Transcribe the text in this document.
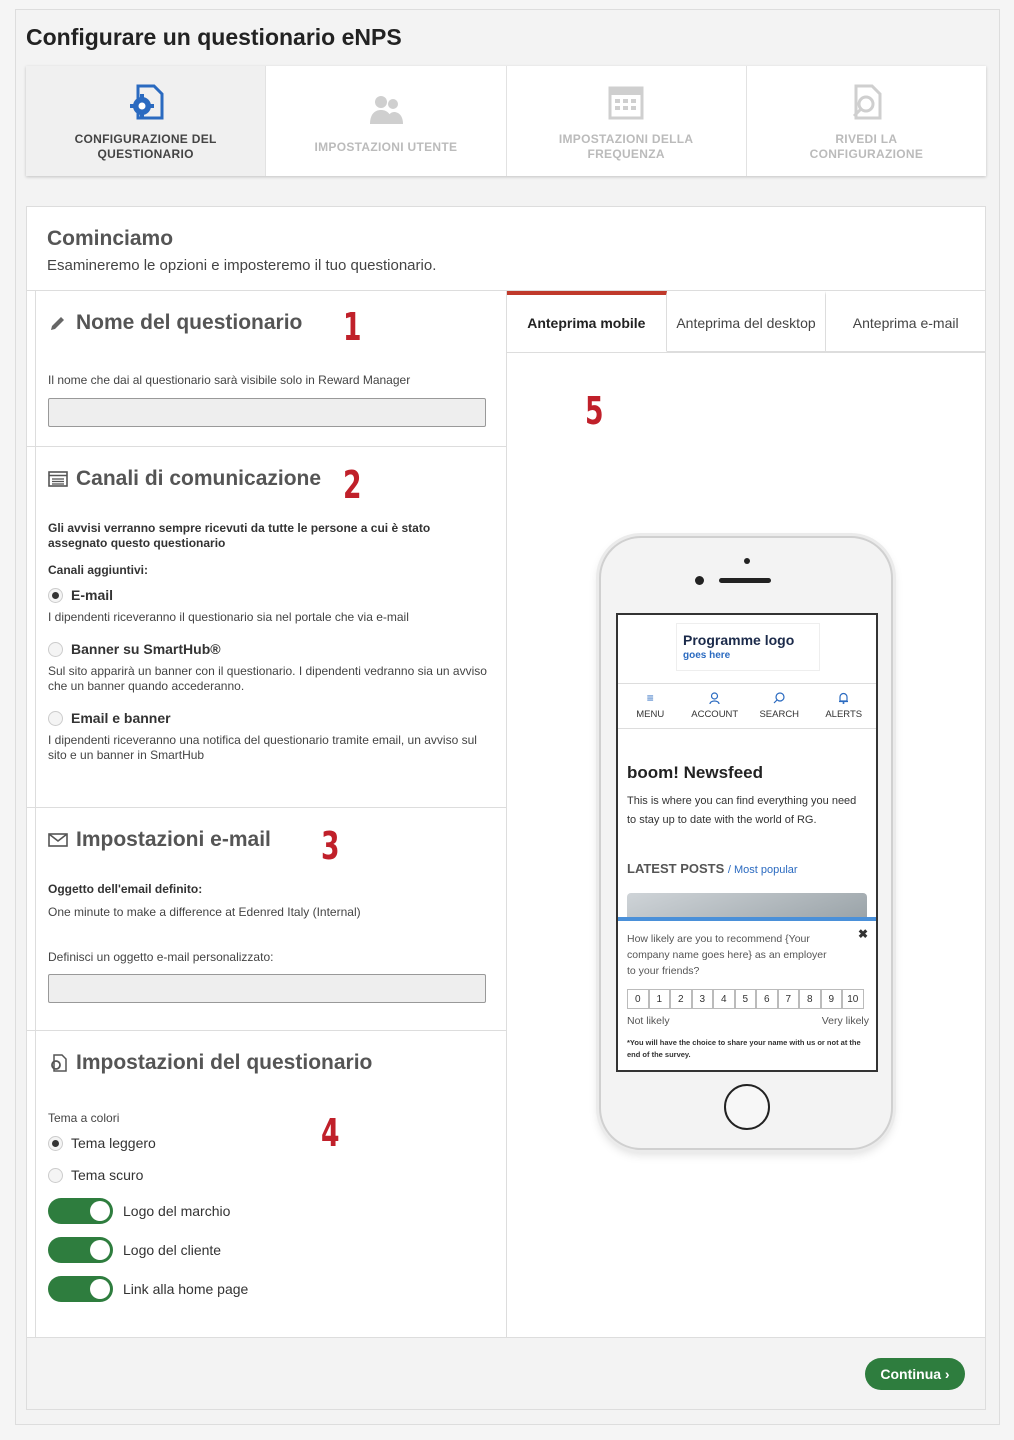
Configurare un questionario eNPS
CONFIGURAZIONE DEL QUESTIONARIO
IMPOSTAZIONI UTENTE
IMPOSTAZIONI DELLA FREQUENZA
RIVEDI LA CONFIGURAZIONE
Cominciamo
Esamineremo le opzioni e imposteremo il tuo questionario.
Nome del questionario 1
Il nome che dai al questionario sarà visibile solo in Reward Manager
Canali di comunicazione 2
Gli avvisi verranno sempre ricevuti da tutte le persone a cui è stato assegnato questo questionario
Canali aggiuntivi:
E-mail
I dipendenti riceveranno il questionario sia nel portale che via e-mail
Banner su SmartHub®
Sul sito apparirà un banner con il questionario. I dipendenti vedranno sia un avviso che un banner quando accederanno.
Email e banner
I dipendenti riceveranno una notifica del questionario tramite email, un avviso sul sito e un banner in SmartHub
Impostazioni e-mail 3
Oggetto dell'email definito:
One minute to make a difference at Edenred Italy (Internal)
Definisci un oggetto e-mail personalizzato:
Impostazioni del questionario
4
Tema a colori
Tema leggero
Tema scuro
Logo del marchio
Logo del cliente
Link alla home page
Anteprima mobile	Anteprima del desktop	Anteprima e-mail
5
Programme logo
goes here
≡
MENU	ACCOUNT SEARCH	ALERTS
boom! Newsfeed
This is where you can find everything you need to stay up to date with the world of RG.
LATEST POSTS / Most popular
✖
How likely are you to recommend {Your company name goes here} as an employer to your friends?
0	1	2	3	4	5	6	7	8	9	10
Not likely	Very likely
*You will have the choice to share your name with us or not at the end of the survey.
Continua ›
